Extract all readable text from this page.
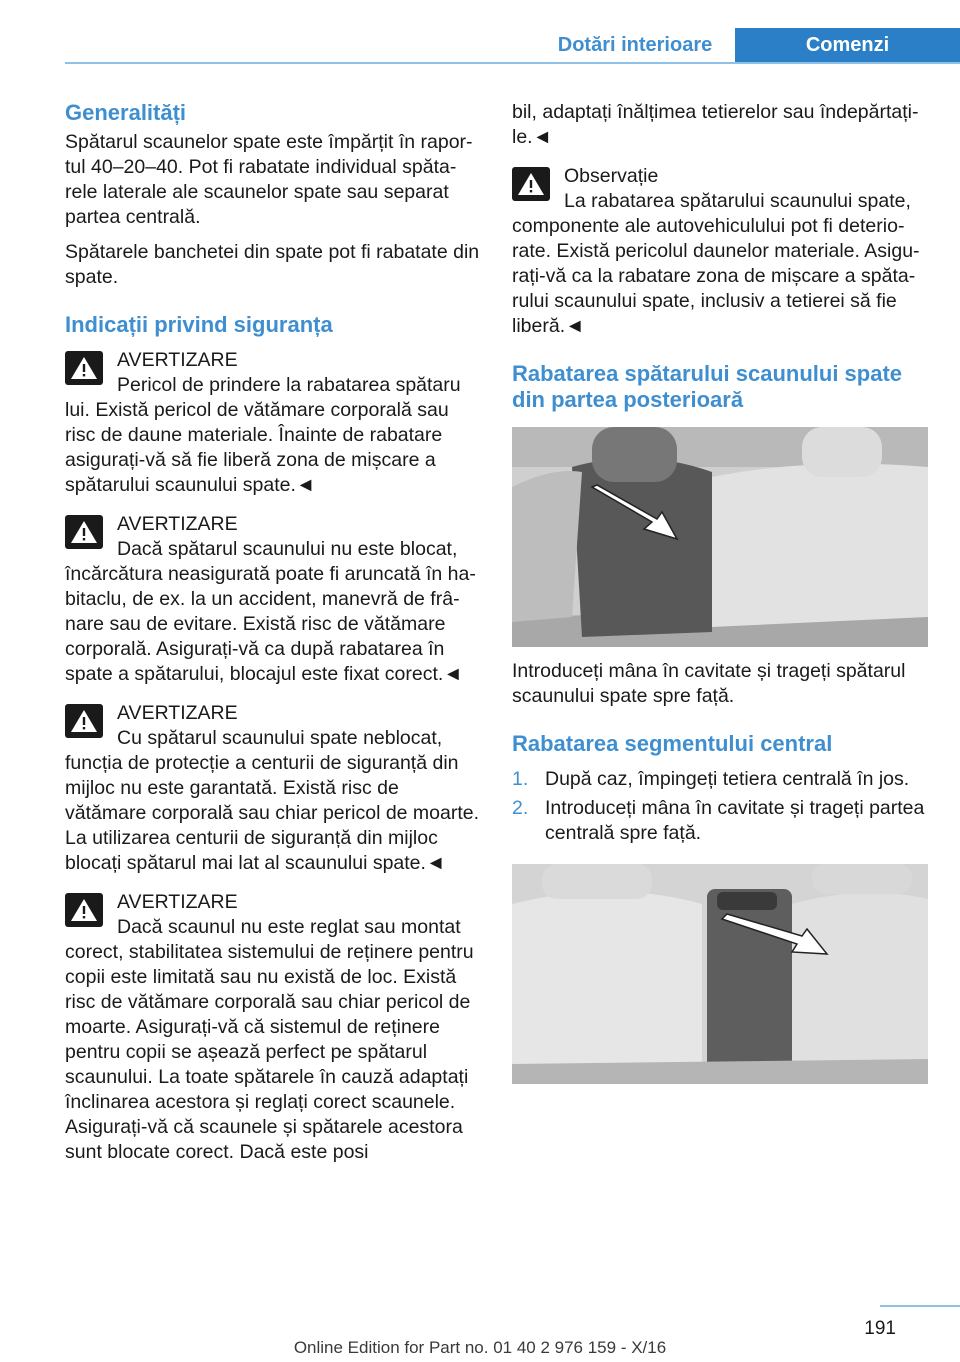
Dotări interioare	Comenzi
Generalități

Spătarul scaunelor spate este împărțit în raportul 40–20–40. Pot fi rabatate individual spătarele laterale ale scaunelor spate sau separat partea centrală.

Spătarele banchetei din spate pot fi rabatate din spate.

Indicații privind siguranța
AVERTIZARE
Pericol de prindere la rabatarea spătaru
lui. Există pericol de vătămare corporală sau risc de daune materiale. Înainte de rabatare asigurați-vă să fie liberă zona de mișcare a spătarului scaunului spate.◄
AVERTIZARE
Dacă spătarul scaunului nu este blocat,
încărcătura neasigurată poate fi aruncată în habitaclu, de ex. la un accident, manevră de frânare sau de evitare. Există risc de vătămare corporală. Asigurați-vă ca după rabatarea în spate a spătarului, blocajul este fixat corect.◄
AVERTIZARE
Cu spătarul scaunului spate neblocat,
funcția de protecție a centurii de siguranță din mijloc nu este garantată. Există risc de vătămare corporală sau chiar pericol de moarte. La utilizarea centurii de siguranță din mijloc blocați spătarul mai lat al scaunului spate.◄
AVERTIZARE
Dacă scaunul nu este reglat sau montat
corect, stabilitatea sistemului de reținere pentru copii este limitată sau nu există de loc. Există risc de vătămare corporală sau chiar pericol de moarte. Asigurați-vă că sistemul de reținere pentru copii se așează perfect pe spătarul scaunului. La toate spătarele în cauză adaptați înclinarea acestora și reglați corect scaunele. Asigurați-vă că scaunele și spătarele acestora sunt blocate corect. Dacă este posi

bil, adaptați înălțimea tetierelor sau îndepărtați-le.◄

Observație
La rabatarea spătarului scaunului spate,
componente ale autovehiculului pot fi deteriorate. Există pericolul daunelor materiale. Asigurați-vă ca la rabatare zona de mișcare a spătarului scaunului spate, inclusiv a tetierei să fie liberă.◄
Rabatarea spătarului scaunului spate din partea posterioară

Introduceți mâna în cavitate și trageți spătarul scaunului spate spre față.

Rabatarea segmentului central
1. După caz, împingeți tetiera centrală în jos.
2. Introduceți mâna în cavitate și trageți partea centrală spre față.
191
Online Edition for Part no. 01 40 2 976 159 - X/16
